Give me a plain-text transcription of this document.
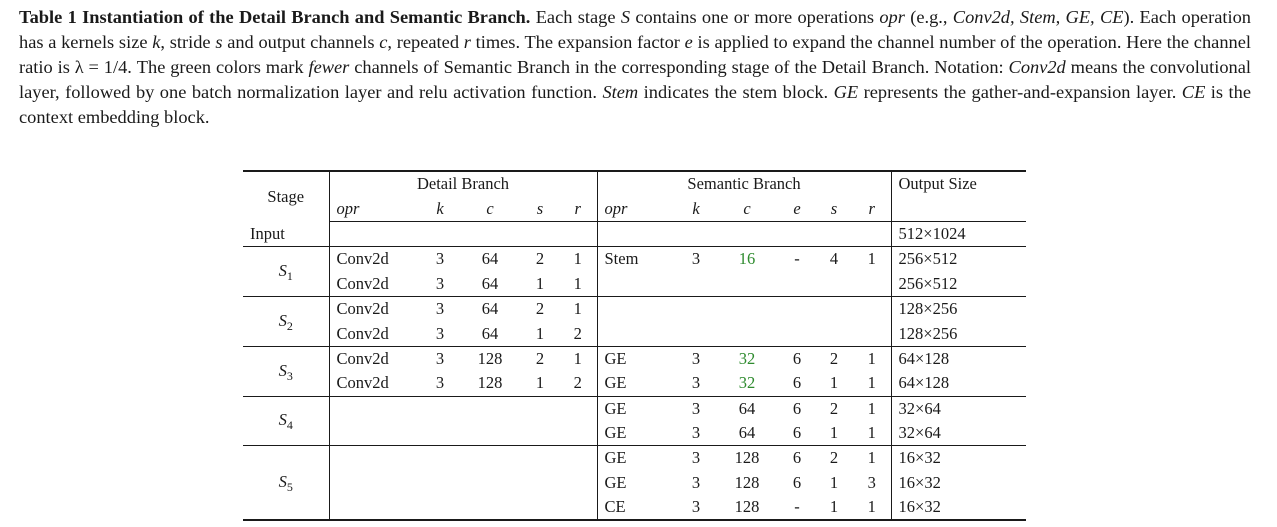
Table 1 Instantiation of the Detail Branch and Semantic Branch. Each stage S contains one or more operations opr (e.g., Conv2d, Stem, GE, CE). Each operation has a kernels size k, stride s and output channels c, repeated r times. The expansion factor e is applied to expand the channel number of the operation. Here the channel ratio is λ = 1/4. The green colors mark fewer channels of Semantic Branch in the corresponding stage of the Detail Branch. Notation: Conv2d means the convolutional layer, followed by one batch normalization layer and relu activation function. Stem indicates the stem block. GE represents the gather-and-expansion layer. CE is the context embedding block.
Stage	Detail Branch					Semantic Branch						Output Size
	opr	k	c	s	r	opr	k	c	e	s	r	
Input												512×1024
$S_1$	Conv2d	3	64	2	1	Stem	3	16	-	4	1	256×512
	Conv2d	3	64	1	1							256×512
$S_2$	Conv2d	3	64	2	1							128×256
	Conv2d	3	64	1	2							128×256
$S_3$	Conv2d	3	128	2	1	GE	3	32	6	2	1	64×128
	Conv2d	3	128	1	2	GE	3	32	6	1	1	64×128
$S_4$						GE	3	64	6	2	1	32×64
						GE	3	64	6	1	1	32×64
$S_5$						GE	3	128	6	2	1	16×32
						GE	3	128	6	1	3	16×32
						CE	3	128	-	1	1	16×32
